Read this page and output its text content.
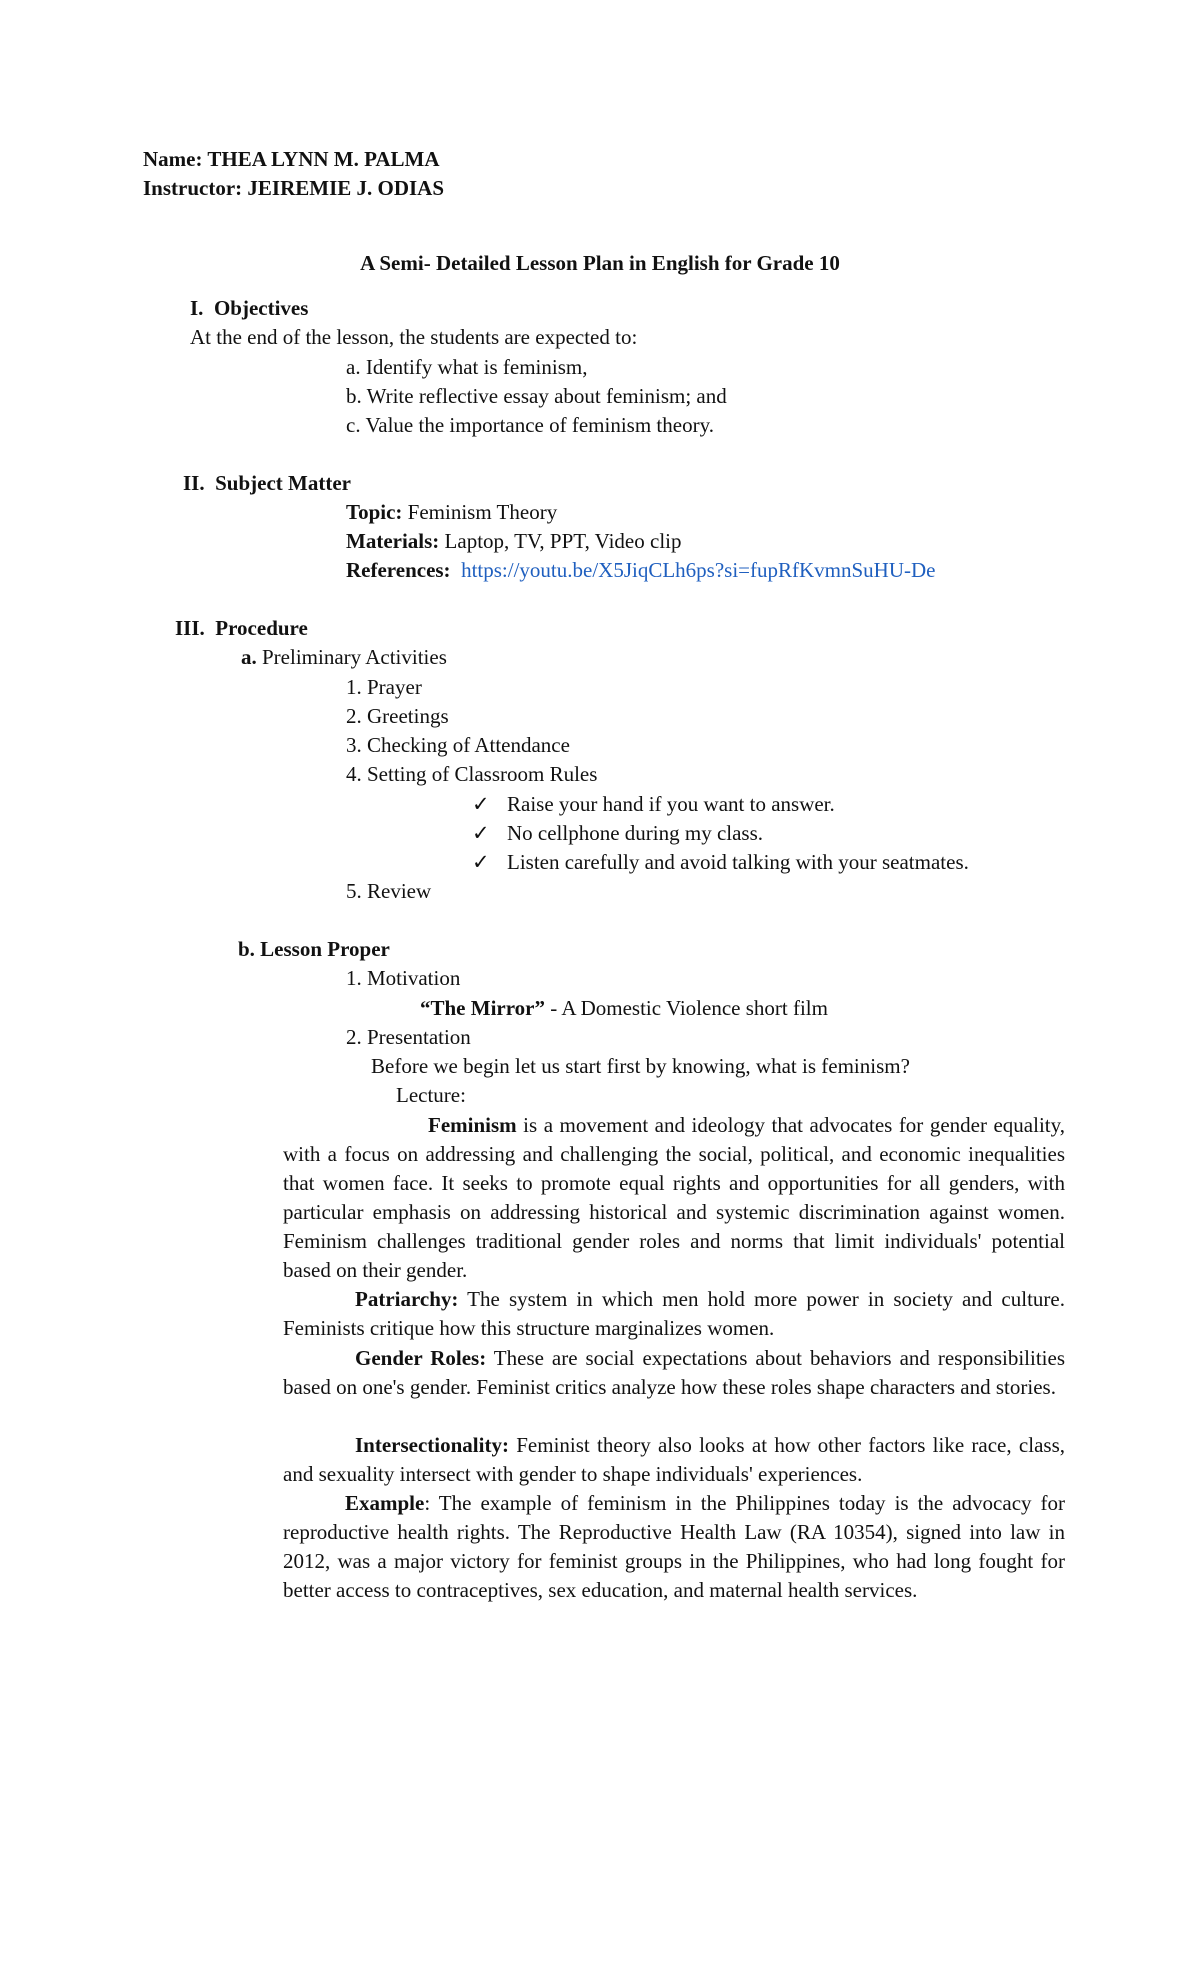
Name: THEA LYNN M. PALMA
Instructor: JEIREMIE J. ODIAS
A Semi- Detailed Lesson Plan in English for Grade 10
I. Objectives
At the end of the lesson, the students are expected to:
a. Identify what is feminism,
b. Write reflective essay about feminism; and
c. Value the importance of feminism theory.
II. Subject Matter
Topic: Feminism Theory
Materials: Laptop, TV, PPT, Video clip
References: https://youtu.be/X5JiqCLh6ps?si=fupRfKvmnSuHU-De
III. Procedure
a. Preliminary Activities
1. Prayer
2. Greetings
3. Checking of Attendance
4. Setting of Classroom Rules
✓ Raise your hand if you want to answer.
✓ No cellphone during my class.
✓ Listen carefully and avoid talking with your seatmates.
5. Review
b. Lesson Proper
1. Motivation
“The Mirror” - A Domestic Violence short film
2. Presentation
Before we begin let us start first by knowing, what is feminism?
Lecture:
Feminism is a movement and ideology that advocates for gender equality, with a focus on addressing and challenging the social, political, and economic inequalities that women face. It seeks to promote equal rights and opportunities for all genders, with particular emphasis on addressing historical and systemic discrimination against women. Feminism challenges traditional gender roles and norms that limit individuals' potential based on their gender.
Patriarchy: The system in which men hold more power in society and culture. Feminists critique how this structure marginalizes women.
Gender Roles: These are social expectations about behaviors and responsibilities based on one's gender. Feminist critics analyze how these roles shape characters and stories.
Intersectionality: Feminist theory also looks at how other factors like race, class, and sexuality intersect with gender to shape individuals' experiences.
Example: The example of feminism in the Philippines today is the advocacy for reproductive health rights. The Reproductive Health Law (RA 10354), signed into law in 2012, was a major victory for feminist groups in the Philippines, who had long fought for better access to contraceptives, sex education, and maternal health services.
